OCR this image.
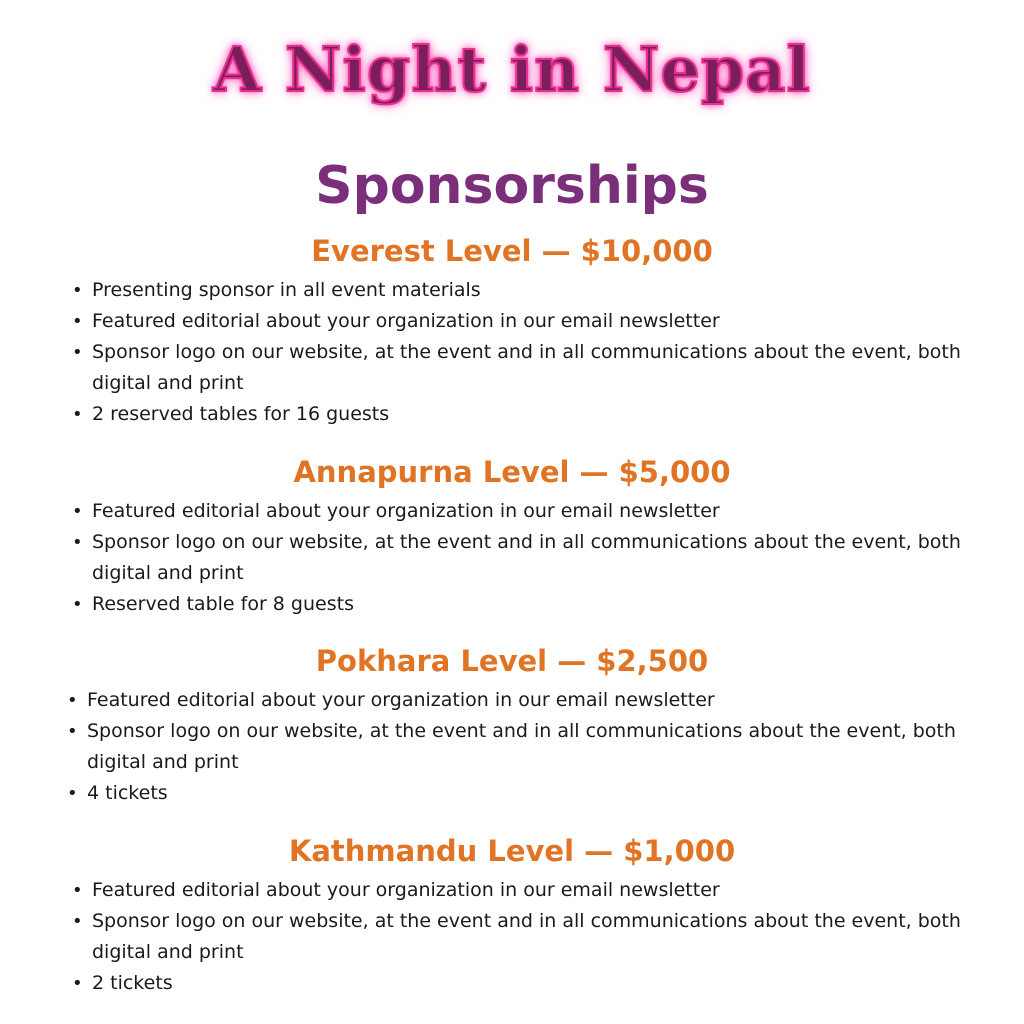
A Night in Nepal
Sponsorships
Everest Level — $10,000
• Presenting sponsor in all event materials
• Featured editorial about your organization in our email newsletter
• Sponsor logo on our website, at the event and in all communications about the event, both digital and print
• 2 reserved tables for 16 guests
Annapurna Level — $5,000
• Featured editorial about your organization in our email newsletter
• Sponsor logo on our website, at the event and in all communications about the event, both digital and print
• Reserved table for 8 guests
Pokhara Level — $2,500
• Featured editorial about your organization in our email newsletter
• Sponsor logo on our website, at the event and in all communications about the event, both digital and print
• 4 tickets
Kathmandu Level — $1,000
• Featured editorial about your organization in our email newsletter
• Sponsor logo on our website, at the event and in all communications about the event, both digital and print
• 2 tickets
